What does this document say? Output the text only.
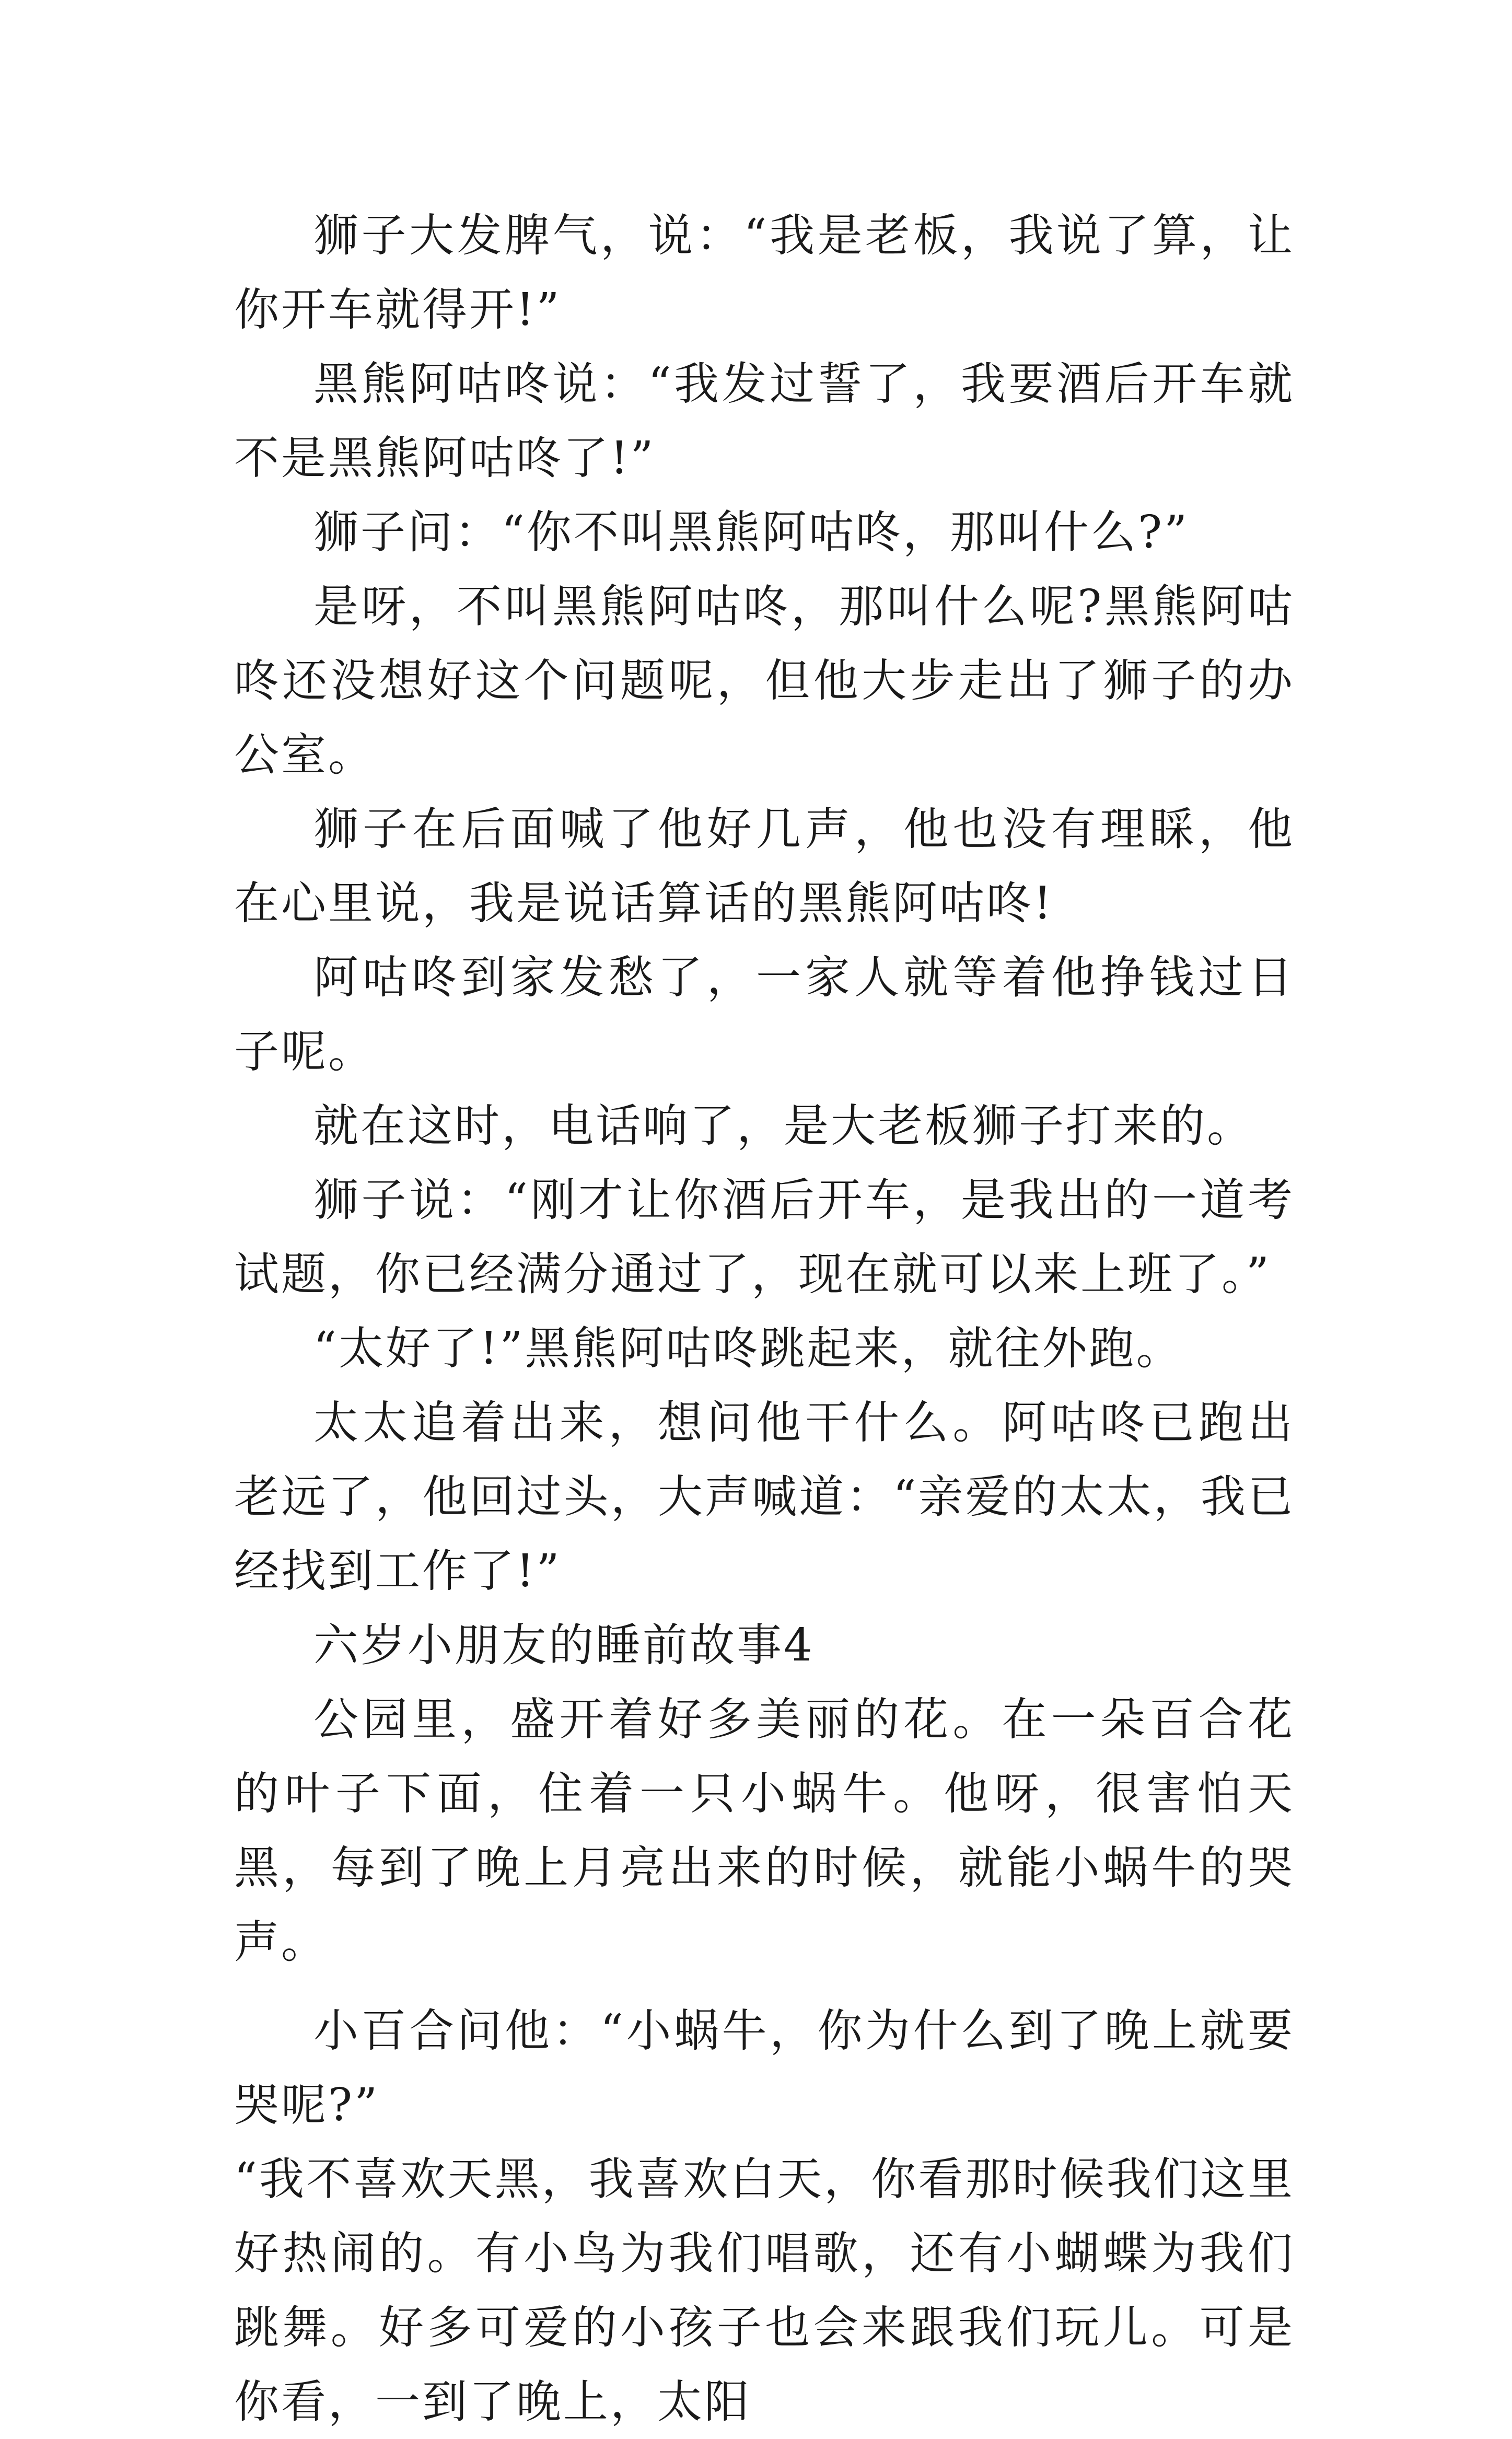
狮子大发脾气，说：“我是老板，我说了算，让你开车就得开!”

黑熊阿咕咚说：“我发过誓了，我要酒后开车就不是黑熊阿咕咚了!”

狮子问：“你不叫黑熊阿咕咚，那叫什么?”

是呀，不叫黑熊阿咕咚，那叫什么呢?黑熊阿咕咚还没想好这个问题呢，但他大步走出了狮子的办公室。

狮子在后面喊了他好几声，他也没有理睬，他在心里说，我是说话算话的黑熊阿咕咚!

阿咕咚到家发愁了，一家人就等着他挣钱过日子呢。

就在这时，电话响了，是大老板狮子打来的。

狮子说：“刚才让你酒后开车，是我出的一道考试题，你已经满分通过了，现在就可以来上班了。”

“太好了!”黑熊阿咕咚跳起来，就往外跑。

太太追着出来，想问他干什么。阿咕咚已跑出老远了，他回过头，大声喊道：“亲爱的太太，我已经找到工作了!”

六岁小朋友的睡前故事4

公园里，盛开着好多美丽的花。在一朵百合花的叶子下面，住着一只小蜗牛。他呀，很害怕天黑，每到了晚上月亮出来的时候，就能小蜗牛的哭声。

小百合问他：“小蜗牛，你为什么到了晚上就要哭呢?”

“我不喜欢天黑，我喜欢白天，你看那时候我们这里好热闹的。有小鸟为我们唱歌，还有小蝴蝶为我们跳舞。好多可爱的小孩子也会来跟我们玩儿。可是你看，一到了晚上，太阳
